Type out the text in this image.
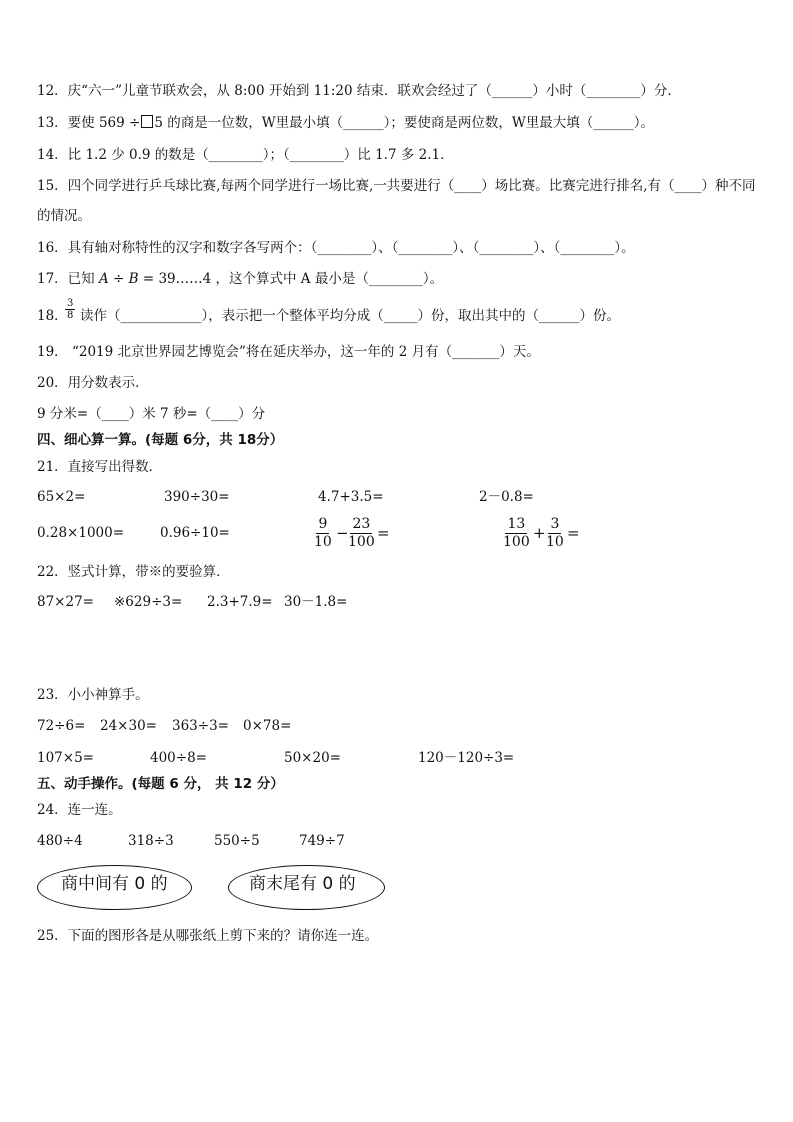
12．庆“六一”儿童节联欢会，从 8:00 开始到 11:20 结束．联欢会经过了（______）小时（________）分．
13．要使 569 ÷ 5 的商是一位数，W里最小填（______）；要使商是两位数，W里最大填（______）。
14．比 1.2 少 0.9 的数是（________）；（________）比 1.7 多 2.1．
15．四个同学进行乒乓球比赛,每两个同学进行一场比赛,一共要进行（____）场比赛。比赛完进行排名,有（____）种不同的情况。
16．具有轴对称特性的汉字和数字各写两个：（________）、（________）、（________）、（________）。
17．已知 A ÷ B = 39……4 ，这个算式中 A 最小是（________）。
18．
$\frac{3}{8}$ 读作（____________），表示把一个整体平均分成（_____）份，取出其中的（______）份。
19． “2019 北京世界园艺博览会”将在延庆举办，这一年的 2 月有（_______）天。
20．用分数表示．
9 分米=（____）米 7 秒=（____）分
四、细心算一算。(每题 6分，共 18分）
21．直接写出得数．
65×2=	390÷30=	4.7+3.5=	2－0.8=
0.28×1000=	0.96÷10=	$\frac{9}{10} - \frac{23}{100}$ =	$\frac{13}{100} + \frac{3}{10}$ =
22．竖式计算，带※的要验算．
87×27= ※629÷3= 2.3+7.9= 30－1.8=
23．小小神算手。
72÷6= 24×30= 363÷3= 0×78=
107×5=	400÷8=	50×20=	120－120÷3=
五、动手操作。(每题 6 分， 共 12 分）
24．连一连。
480÷4	318÷3	550÷5	749÷7
商中间有 0 的	商末尾有 0 的
25．下面的图形各是从哪张纸上剪下来的？请你连一连。
